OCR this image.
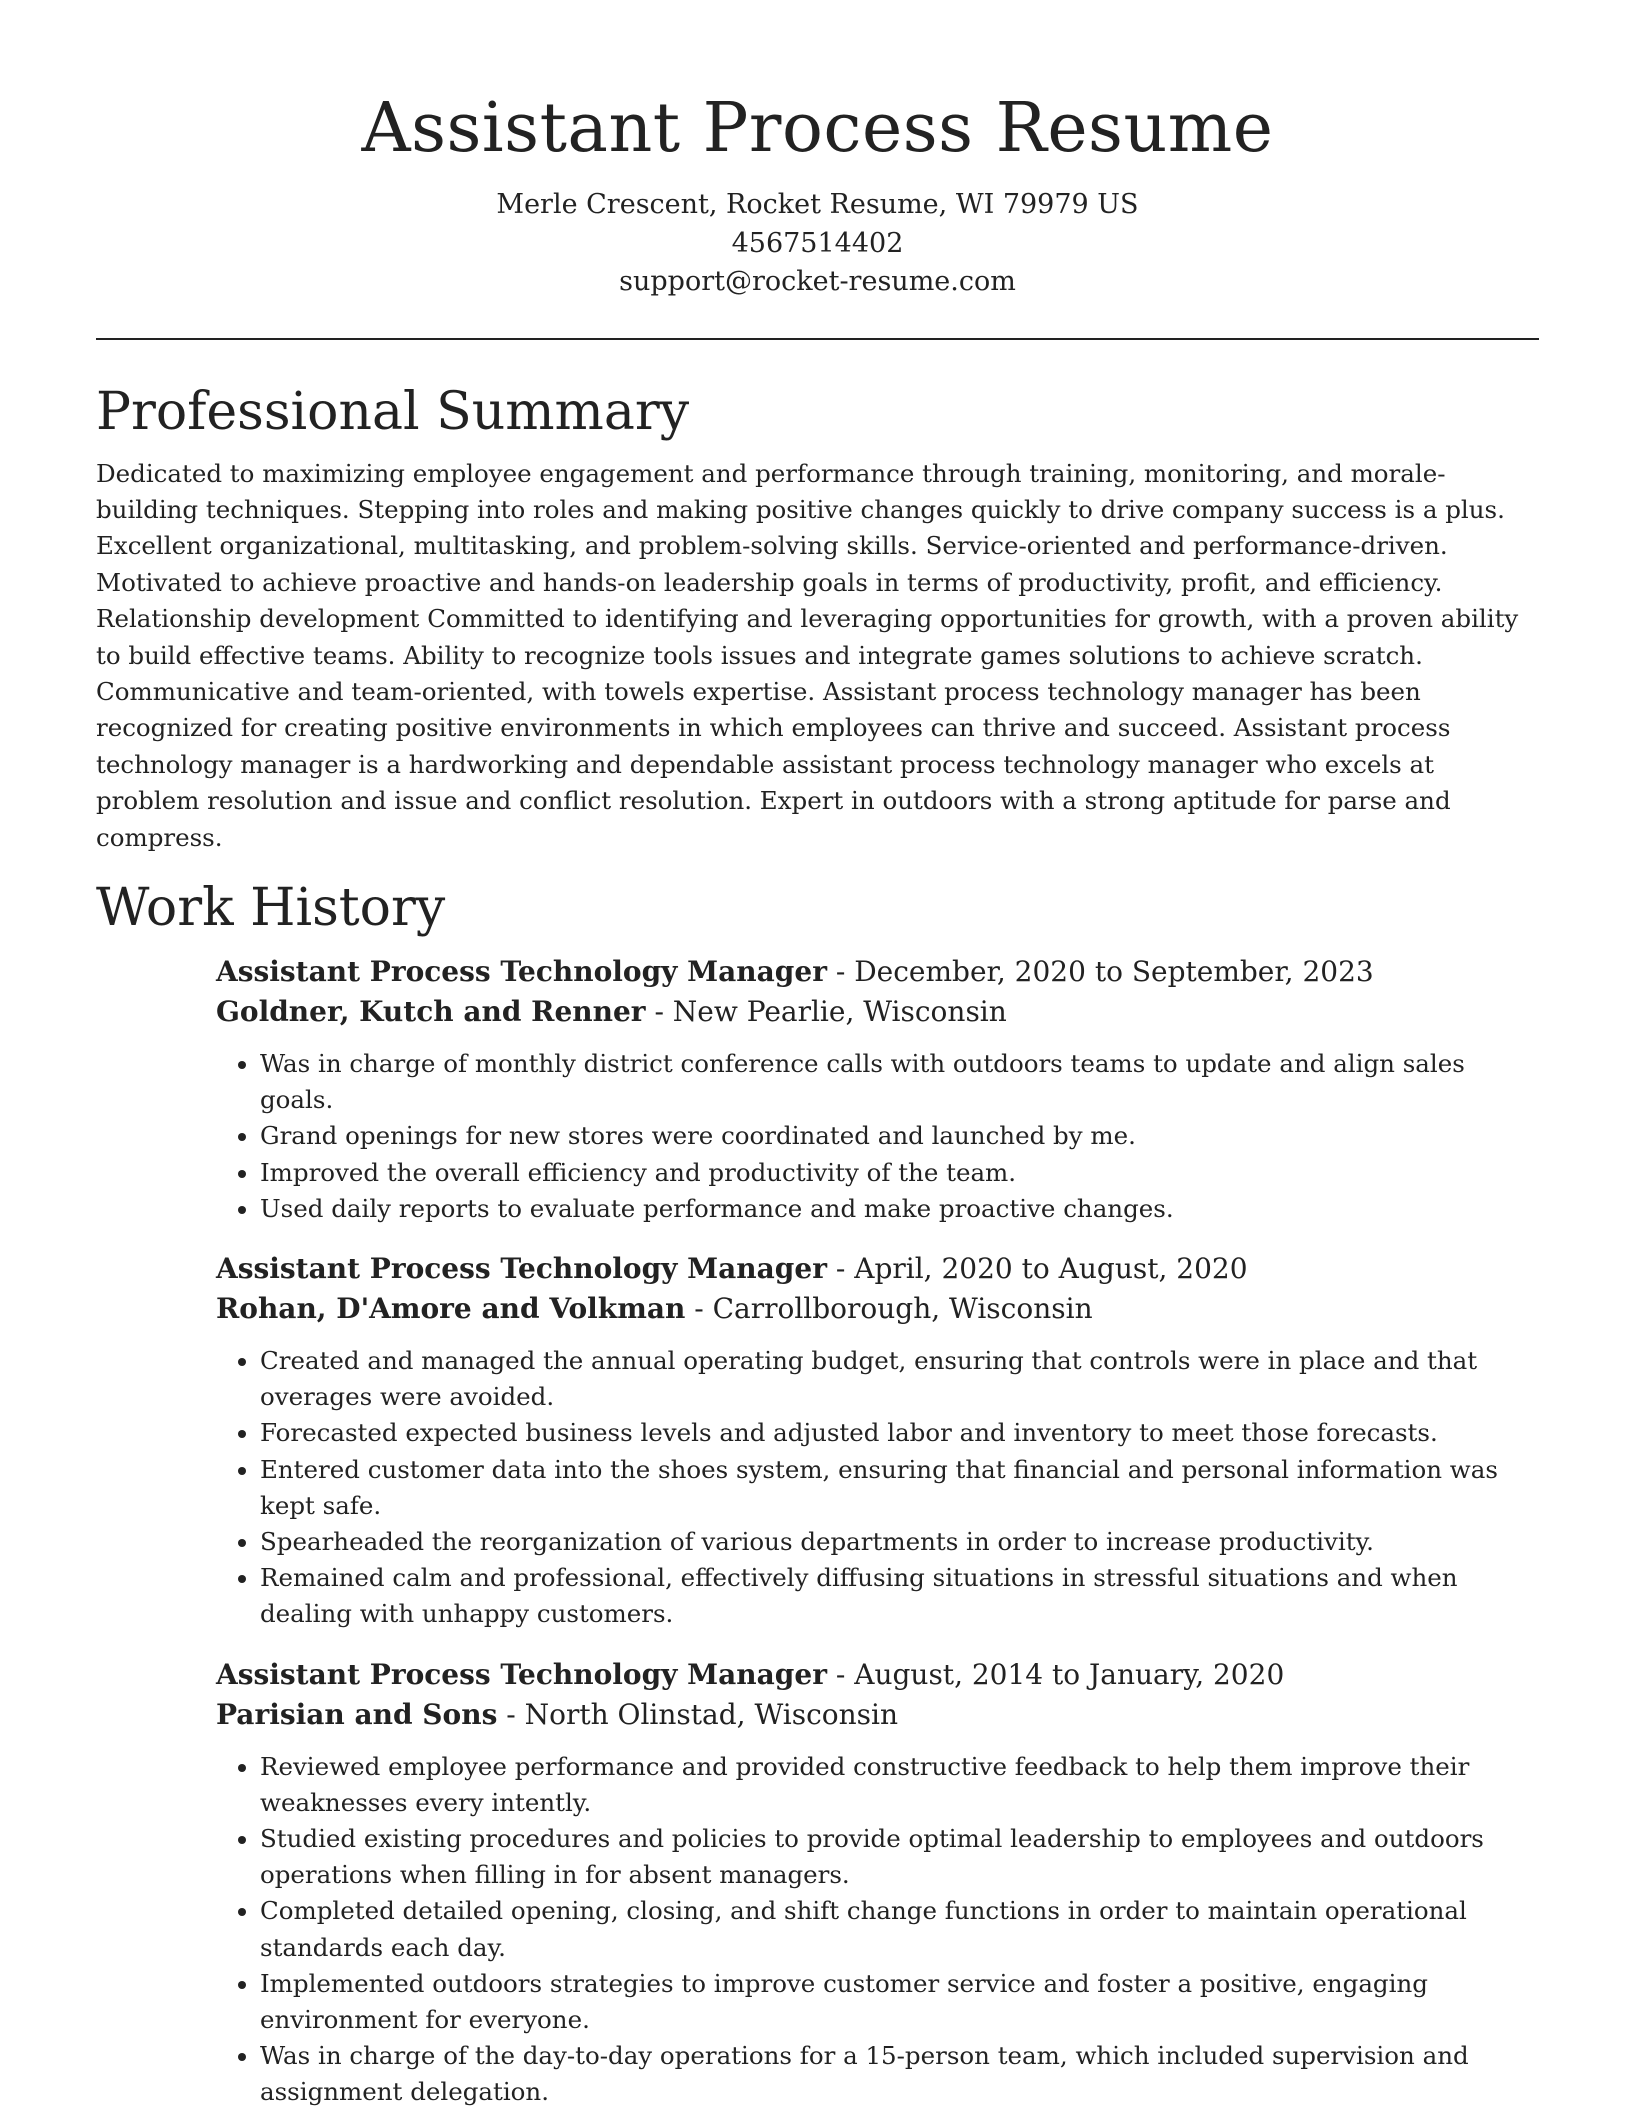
Assistant Process Resume

Merle Crescent, Rocket Resume, WI 79979 US

4567514402

support@rocket-resume.com

Professional Summary

Dedicated to maximizing employee engagement and performance through training, monitoring, and morale-building techniques. Stepping into roles and making positive changes quickly to drive company success is a plus. Excellent organizational, multitasking, and problem-solving skills. Service-oriented and performance-driven. Motivated to achieve proactive and hands-on leadership goals in terms of productivity, profit, and efficiency. Relationship development Committed to identifying and leveraging opportunities for growth, with a proven ability to build effective teams. Ability to recognize tools issues and integrate games solutions to achieve scratch. Communicative and team-oriented, with towels expertise. Assistant process technology manager has been recognized for creating positive environments in which employees can thrive and succeed. Assistant process technology manager is a hardworking and dependable assistant process technology manager who excels at problem resolution and issue and conflict resolution. Expert in outdoors with a strong aptitude for parse and compress.

Work History

Assistant Process Technology Manager - December, 2020 to September, 2023

Goldner, Kutch and Renner - New Pearlie, Wisconsin

• Was in charge of monthly district conference calls with outdoors teams to update and align sales goals.
• Grand openings for new stores were coordinated and launched by me.
• Improved the overall efficiency and productivity of the team.
• Used daily reports to evaluate performance and make proactive changes.

Assistant Process Technology Manager - April, 2020 to August, 2020

Rohan, D'Amore and Volkman - Carrollborough, Wisconsin

• Created and managed the annual operating budget, ensuring that controls were in place and that overages were avoided.
• Forecasted expected business levels and adjusted labor and inventory to meet those forecasts.
• Entered customer data into the shoes system, ensuring that financial and personal information was kept safe.
• Spearheaded the reorganization of various departments in order to increase productivity.
• Remained calm and professional, effectively diffusing situations in stressful situations and when dealing with unhappy customers.

Assistant Process Technology Manager - August, 2014 to January, 2020

Parisian and Sons - North Olinstad, Wisconsin

• Reviewed employee performance and provided constructive feedback to help them improve their weaknesses every intently.
• Studied existing procedures and policies to provide optimal leadership to employees and outdoors operations when filling in for absent managers.
• Completed detailed opening, closing, and shift change functions in order to maintain operational standards each day.
• Implemented outdoors strategies to improve customer service and foster a positive, engaging environment for everyone.
• Was in charge of the day-to-day operations for a 15-person team, which included supervision and assignment delegation.
